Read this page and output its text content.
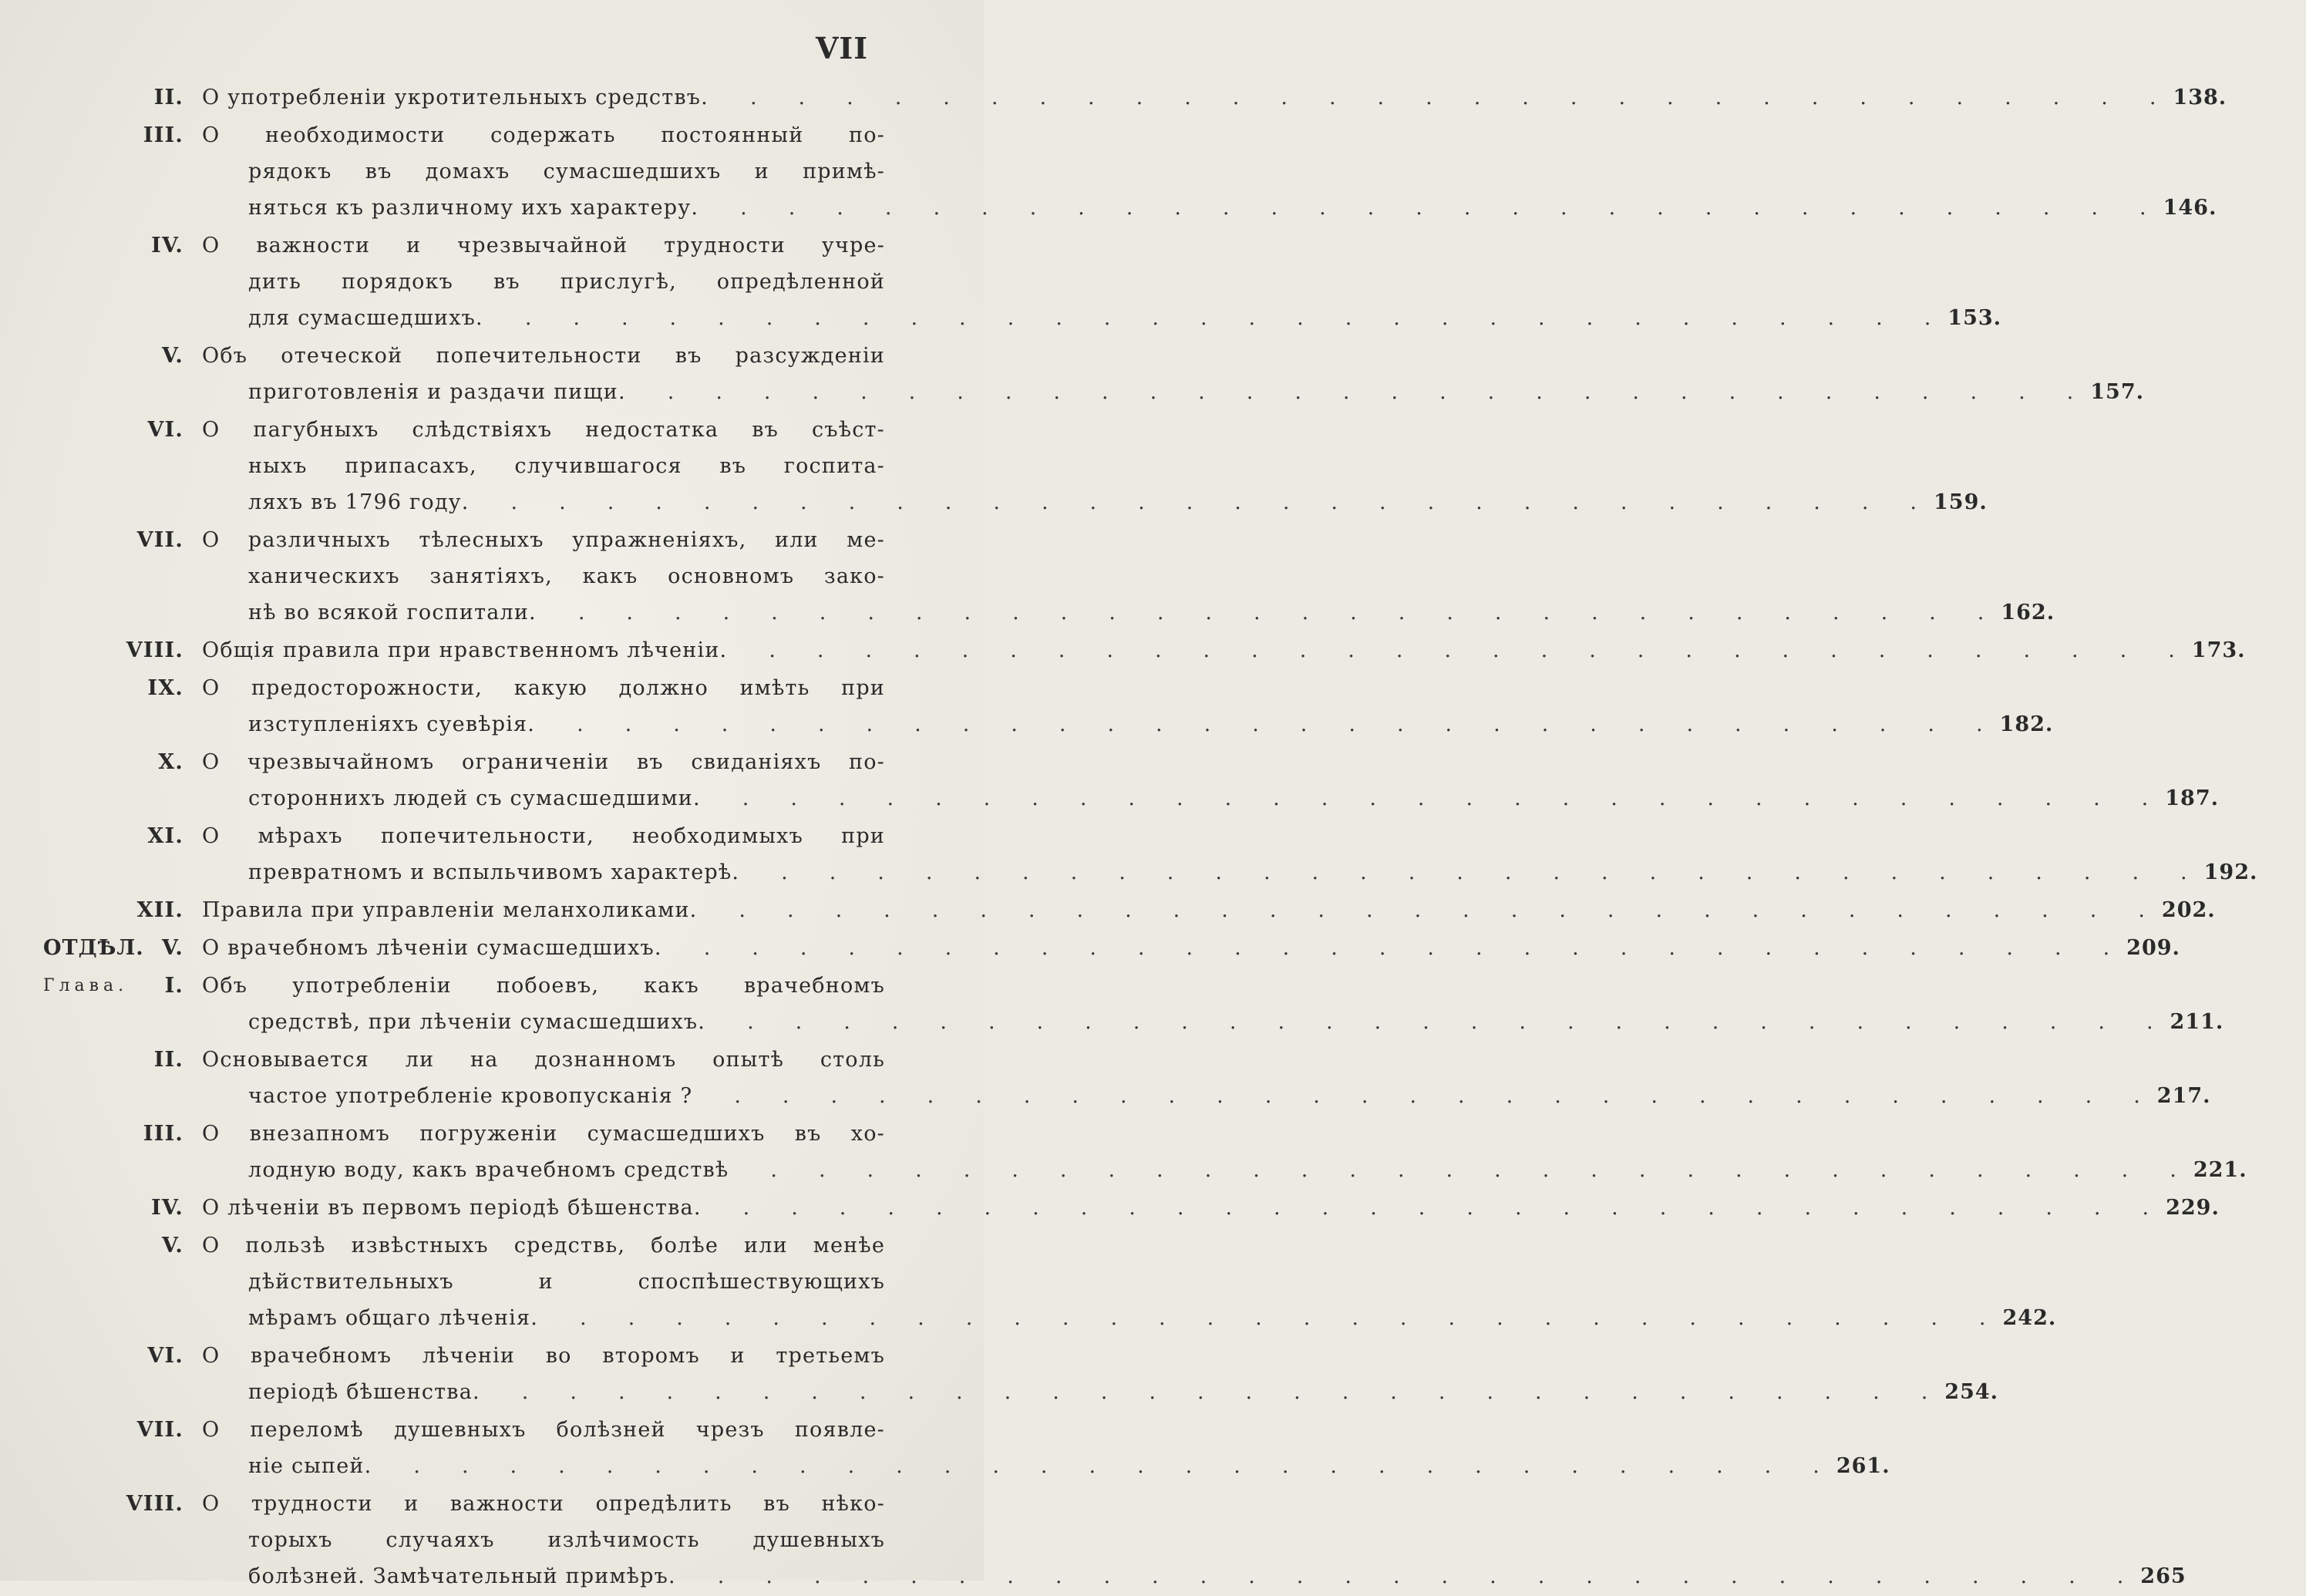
VII
II. О употребленіи укротительныхъ средствъ. .  .  .  .  .  .  .  .  .  .  .  .  .  .  .  .  .  .  .  .  .  .  .  .  .  .  .  .  .  .   138.
III. О необходимости содержать постоянный по-
рядокъ въ домахъ сумасшедшихъ и примѣ-
няться къ различному ихъ характеру. .  .  .  .  .  .  .  .  .  .  .  .  .  .  .  .  .  .  .  .  .  .  .  .  .  .  .  .  .  .   146.
IV. О важности и чрезвычайной трудности учре-
дить порядокъ въ прислугѣ, опредѣленной
для сумасшедшихъ. .  .  .  .  .  .  .  .  .  .  .  .  .  .  .  .  .  .  .  .  .  .  .  .  .  .  .  .  .  .   153.
V. Объ отеческой попечительности въ разсужденіи
приготовленія и раздачи пищи. .  .  .  .  .  .  .  .  .  .  .  .  .  .  .  .  .  .  .  .  .  .  .  .  .  .  .  .  .  .   157.
VI. О пагубныхъ слѣдствіяхъ недостатка въ съѣст-
ныхъ припасахъ, случившагося въ госпита-
ляхъ въ 1796 году. .  .  .  .  .  .  .  .  .  .  .  .  .  .  .  .  .  .  .  .  .  .  .  .  .  .  .  .  .  .   159.
VII. О различныхъ тѣлесныхъ упражненіяхъ, или ме-
ханическихъ занятіяхъ, какъ основномъ зако-
нѣ во всякой госпитали. .  .  .  .  .  .  .  .  .  .  .  .  .  .  .  .  .  .  .  .  .  .  .  .  .  .  .  .  .  .   162.
VIII. Общія правила при нравственномъ лѣченіи. .  .  .  .  .  .  .  .  .  .  .  .  .  .  .  .  .  .  .  .  .  .  .  .  .  .  .  .  .  .   173.
IX. О предосторожности, какую должно имѣть при
изступленіяхъ суевѣрія. .  .  .  .  .  .  .  .  .  .  .  .  .  .  .  .  .  .  .  .  .  .  .  .  .  .  .  .  .  .   182.
X. О чрезвычайномъ ограниченіи въ свиданіяхъ по-
стороннихъ людей съ сумасшедшими. .  .  .  .  .  .  .  .  .  .  .  .  .  .  .  .  .  .  .  .  .  .  .  .  .  .  .  .  .  .   187.
XI. О мѣрахъ попечительности, необходимыхъ при
превратномъ и вспыльчивомъ характерѣ. .  .  .  .  .  .  .  .  .  .  .  .  .  .  .  .  .  .  .  .  .  .  .  .  .  .  .  .  .  .   192.
XII. Правила при управленіи меланхоликами. .  .  .  .  .  .  .  .  .  .  .  .  .  .  .  .  .  .  .  .  .  .  .  .  .  .  .  .  .  .   202.
ОТДѢЛ. V. О врачебномъ лѣченіи сумасшедшихъ. .  .  .  .  .  .  .  .  .  .  .  .  .  .  .  .  .  .  .  .  .  .  .  .  .  .  .  .  .  .   209.
Глава. I. Объ употребленіи побоевъ, какъ врачебномъ
средствѣ, при лѣченіи сумасшедшихъ. .  .  .  .  .  .  .  .  .  .  .  .  .  .  .  .  .  .  .  .  .  .  .  .  .  .  .  .  .  .   211.
II. Основывается ли на дознанномъ опытѣ столь
частое употребленіе кровопусканія ? .  .  .  .  .  .  .  .  .  .  .  .  .  .  .  .  .  .  .  .  .  .  .  .  .  .  .  .  .  .   217.
III. О внезапномъ погруженіи сумасшедшихъ въ хо-
лодную воду, какъ врачебномъ средствѣ .  .  .  .  .  .  .  .  .  .  .  .  .  .  .  .  .  .  .  .  .  .  .  .  .  .  .  .  .  .   221.
IV. О лѣченіи въ первомъ періодѣ бѣшенства. .  .  .  .  .  .  .  .  .  .  .  .  .  .  .  .  .  .  .  .  .  .  .  .  .  .  .  .  .  .   229.
V. О пользѣ извѣстныхъ средствь, болѣе или менѣе
дѣйствительныхъ и споспѣшествующихъ
мѣрамъ общаго лѣченія. .  .  .  .  .  .  .  .  .  .  .  .  .  .  .  .  .  .  .  .  .  .  .  .  .  .  .  .  .  .   242.
VI. О врачебномъ лѣченіи во второмъ и третьемъ
періодѣ бѣшенства. .  .  .  .  .  .  .  .  .  .  .  .  .  .  .  .  .  .  .  .  .  .  .  .  .  .  .  .  .  .   254.
VII. О переломѣ душевныхъ болѣзней чрезъ появле-
ніе сыпей. .  .  .  .  .  .  .  .  .  .  .  .  .  .  .  .  .  .  .  .  .  .  .  .  .  .  .  .  .  .   261.
VIII. О трудности и важности опредѣлить въ нѣко-
торыхъ случаяхъ излѣчимость душевныхъ
болѣзней. Замѣчательный примѣръ. .  .  .  .  .  .  .  .  .  .  .  .  .  .  .  .  .  .  .  .  .  .  .  .  .  .  .  .  .  .   265
